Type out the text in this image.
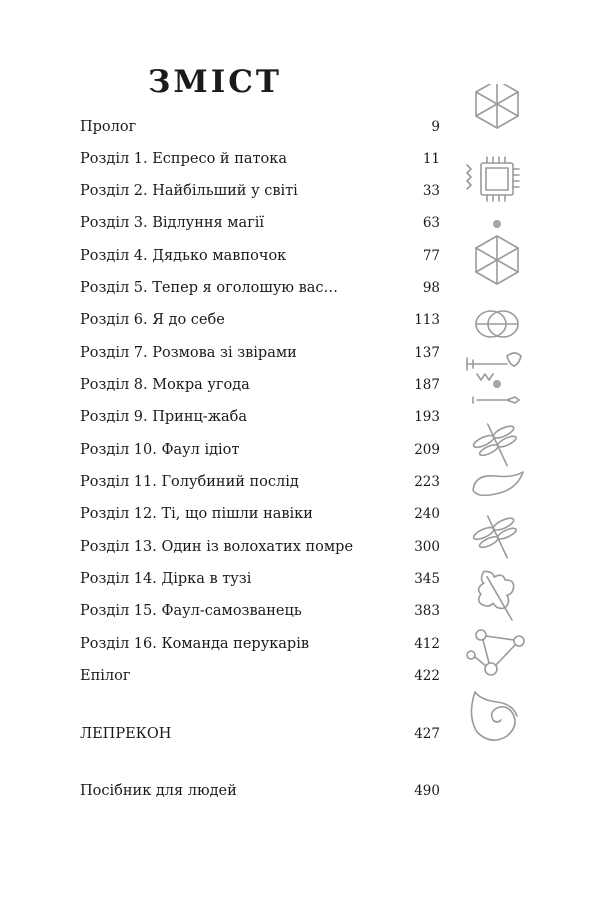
ЗМІСТ
Пролог	9
Розділ 1. Еспресо й патока	11
Розділ 2. Найбільший у світі	33
Розділ 3. Відлуння магії	63
Розділ 4. Дядько мавпочок	77
Розділ 5. Тепер я оголошую вас…	98
Розділ 6. Я до себе	113
Розділ 7. Розмова зі звірами	137
Розділ 8. Мокра угода	187
Розділ 9. Принц-жаба	193
Розділ 10. Фаул ідіот	209
Розділ 11. Голубиний послід	223
Розділ 12. Ті, що пішли навіки	240
Розділ 13. Один із волохатих помре	300
Розділ 14. Дірка в тузі	345
Розділ 15. Фаул-самозванець	383
Розділ 16. Команда перукарів	412
Епілог	422
ЛЕПРЕКОН	427
Посібник для людей	490
